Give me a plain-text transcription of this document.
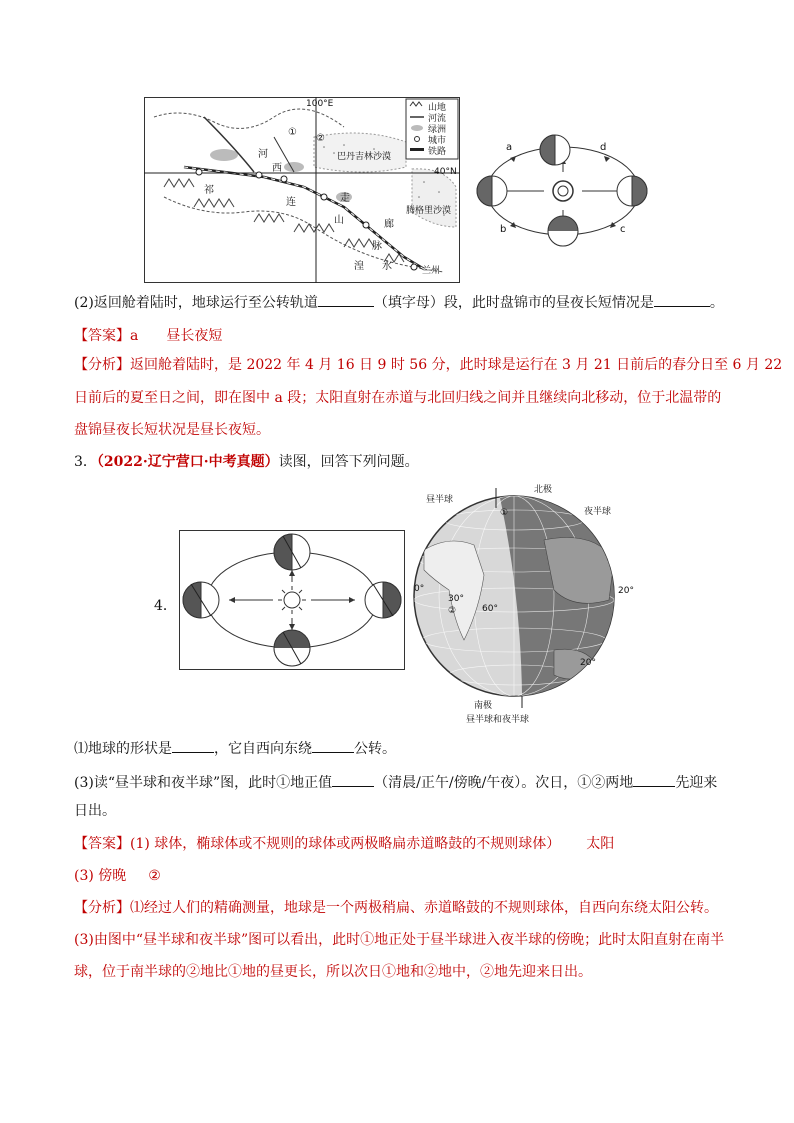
100°E
40°N
①
②
巴丹吉林沙漠
腾格里沙漠
兰州
河
西
走
廊
祁
连
山
脉
湟 水
山地
河流
绿洲
城市
铁路	a
b	c
d
(2)返回舱着陆时，地球运行至公转轨道	（填字母）段，此时盘锦市的昼夜长短情况是	。
【答案】a 昼长夜短
【分析】返回舱着陆时，是 2022 年 4 月 16 日 9 时 56 分，此时球是运行在 3 月 21 日前后的春分日至 6 月 22
日前后的夏至日之间，即在图中 a 段；太阳直射在赤道与北回归线之间并且继续向北移动，位于北温带的
盘锦昼夜长短状况是昼长夜短。
3．（2022·辽宁营口·中考真题）读图，回答下列问题。
4．
北极
昼半球
夜半球
南极
昼半球和夜半球
0°
30°
60°
20°
20°
①
②
⑴地球的形状是	，它自西向东绕	公转。
(3)读“昼半球和夜半球”图，此时①地正值	（清晨/正午/傍晚/午夜）。次日，①②两地	先迎来
日出。
【答案】(1) 球体，椭球体或不规则的球体或两极略扁赤道略鼓的不规则球体） 太阳
(3) 傍晚 ②
【分析】⑴经过人们的精确测量，地球是一个两极稍扁、赤道略鼓的不规则球体，自西向东绕太阳公转。
(3)由图中“昼半球和夜半球”图可以看出，此时①地正处于昼半球进入夜半球的傍晚；此时太阳直射在南半
球，位于南半球的②地比①地的昼更长，所以次日①地和②地中，②地先迎来日出。
